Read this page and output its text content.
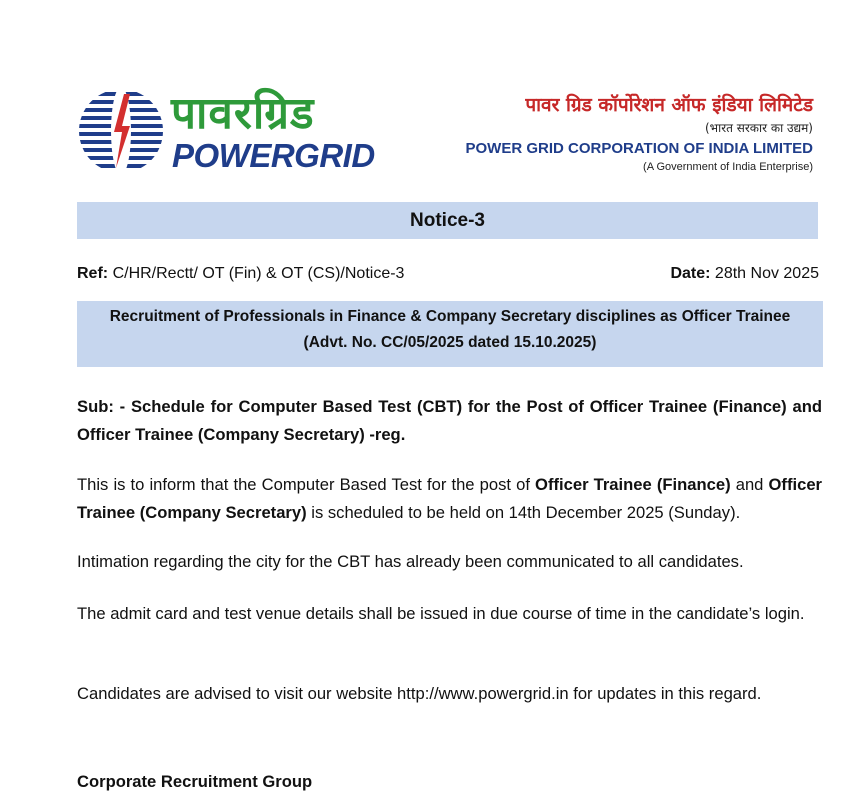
पावरग्रिड
POWERGRID
पावर ग्रिड कॉर्पोरेशन ऑफ इंडिया लिमिटेड
(भारत सरकार का उद्यम)
POWER GRID CORPORATION OF INDIA LIMITED
(A Government of India Enterprise)
Notice-3
Ref: C/HR/Rectt/ OT (Fin) & OT (CS)/Notice-3	Date: 28th Nov 2025
Recruitment of Professionals in Finance & Company Secretary disciplines as Officer Trainee
(Advt. No. CC/05/2025 dated 15.10.2025)
Sub: - Schedule for Computer Based Test (CBT) for the Post of Officer Trainee (Finance) and Officer Trainee (Company Secretary) -reg.
This is to inform that the Computer Based Test for the post of Officer Trainee (Finance) and Officer Trainee (Company Secretary) is scheduled to be held on 14th December 2025 (Sunday).
Intimation regarding the city for the CBT has already been communicated to all candidates.
The admit card and test venue details shall be issued in due course of time in the candidate’s login.
Candidates are advised to visit our website http://www.powergrid.in for updates in this regard.
Corporate Recruitment Group
